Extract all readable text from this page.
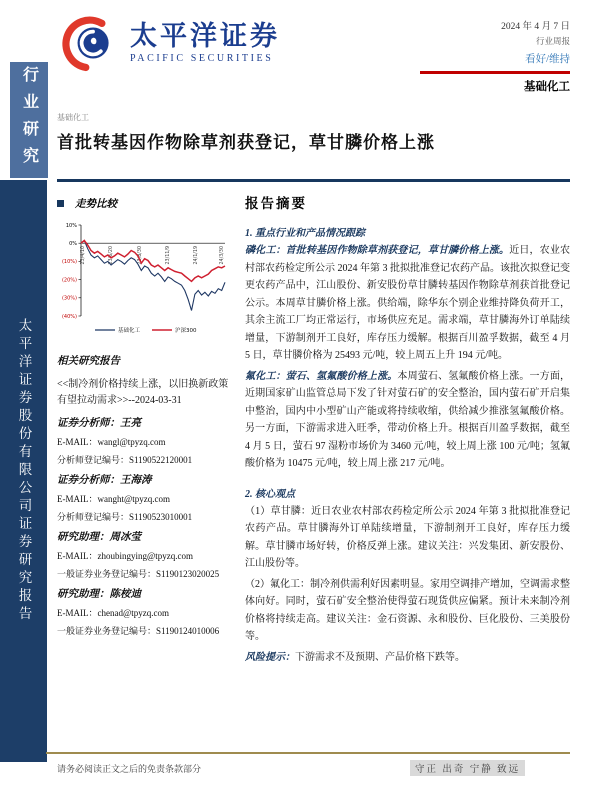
行业研究
太平洋证券股份有限公司证券研究报告
太平洋证券
PACIFIC SECURITIES
2024 年 4 月 7 日
行业周报
看好/维持
基础化工
基础化工
首批转基因作物除草剂获登记，草甘膦价格上涨
走势比较
10%
0%
(10%)
(20%)
(30%)
(40%)
23/4/10	23/6/20	23/8/30	23/11/9	24/1/19	24/3/30
基础化工	沪深300
相关研究报告
<<制冷剂价格持续上涨，以旧换新政策有望拉动需求>>--2024-03-31
证券分析师：王亮
E-MAIL：wangl@tpyzq.com
分析师登记编号：S1190522120001
证券分析师：王海涛
E-MAIL：wanght@tpyzq.com
分析师登记编号：S1190523010001
研究助理：周冰莹
E-MAIL：zhoubingying@tpyzq.com
一般证券业务登记编号：S1190123020025
研究助理：陈桉迪
E-MAIL：chenad@tpyzq.com
一般证券业务登记编号：S1190124010006
报告摘要
1. 重点行业和产品情况跟踪
磷化工：首批转基因作物除草剂获登记，草甘膦价格上涨。近日，农业农村部农药检定所公示 2024 年第 3 批拟批准登记农药产品。该批次拟登记变更农药产品中，江山股份、新安股份草甘膦转基因作物除草剂获首批登记公示。本周草甘膦价格上涨。供给端，除华东个别企业维持降负荷开工，其余主流工厂均正常运行，市场供应充足。需求端，草甘膦海外订单陆续增量，下游制剂开工良好，库存压力缓解。根据百川盈孚数据，截至 4 月 5 日，草甘膦价格为 25493 元/吨，较上周五上升 194 元/吨。
氟化工：萤石、氢氟酸价格上涨。本周萤石、氢氟酸价格上涨。一方面，近期国家矿山监管总局下发了针对萤石矿的安全整治，国内萤石矿开启集中整治，国内中小型矿山产能或将持续收缩，供给减少推涨氢氟酸价格。另一方面，下游需求进入旺季，带动价格上升。根据百川盈孚数据，截至 4 月 5 日，萤石 97 湿粉市场价为 3460 元/吨，较上周上涨 100 元/吨；氢氟酸价格为 10475 元/吨，较上周上涨 217 元/吨。
2. 核心观点
（1）草甘膦：近日农业农村部农药检定所公示 2024 年第 3 批拟批准登记农药产品。草甘膦海外订单陆续增量，下游制剂开工良好，库存压力缓解。草甘膦市场好转，价格反弹上涨。建议关注：兴发集团、新安股份、江山股份等。
（2）氟化工：制冷剂供需利好因素明显。家用空调排产增加，空调需求整体向好。同时，萤石矿安全整治使得萤石现货供应偏紧。预计未来制冷剂价格将持续走高。建议关注：金石资源、永和股份、巨化股份、三美股份等。
风险提示：下游需求不及预期、产品价格下跌等。
请务必阅读正文之后的免责条款部分	守正 出奇 宁静 致远
